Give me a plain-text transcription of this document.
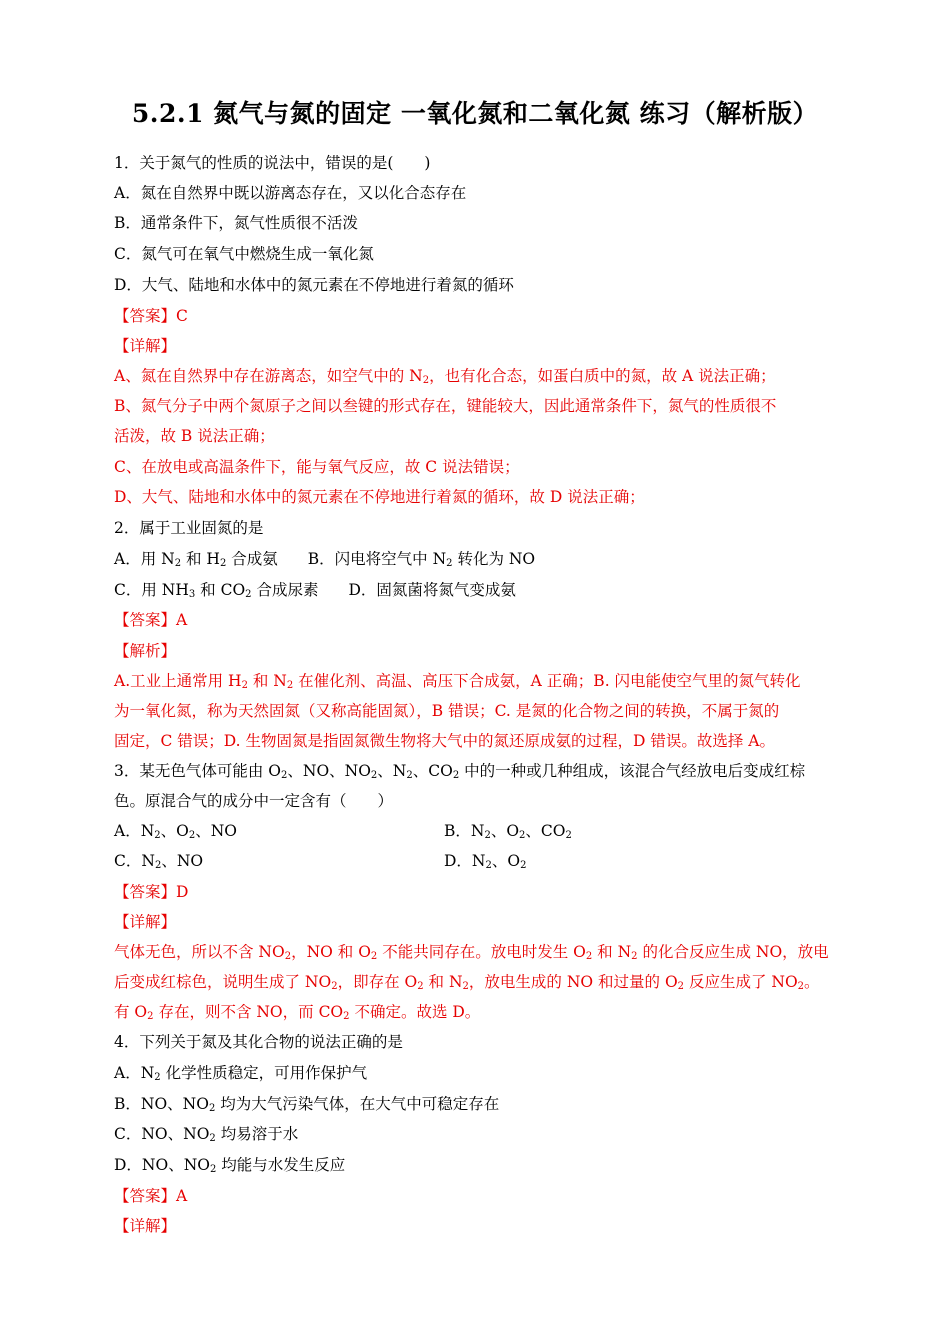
5.2.1 氮气与氮的固定 一氧化氮和二氧化氮 练习（解析版）
1．关于氮气的性质的说法中，错误的是(　　)
A．氮在自然界中既以游离态存在，又以化合态存在
B．通常条件下，氮气性质很不活泼
C．氮气可在氧气中燃烧生成一氧化氮
D．大气、陆地和水体中的氮元素在不停地进行着氮的循环
【答案】C
【详解】
A、氮在自然界中存在游离态，如空气中的 $N_2$，也有化合态，如蛋白质中的氮，故 A 说法正确；
B、氮气分子中两个氮原子之间以叁键的形式存在，键能较大，因此通常条件下，氮气的性质很不
活泼，故 B 说法正确；
C、在放电或高温条件下，能与氧气反应，故 C 说法错误；
D、大气、陆地和水体中的氮元素在不停地进行着氮的循环，故 D 说法正确；
2．属于工业固氮的是
A．用 $N_2$ 和 $H_2$ 合成氨 B．闪电将空气中 $N_2$ 转化为 NO
C．用 $NH_3$ 和 $CO_2$ 合成尿素 D．固氮菌将氮气变成氨
【答案】A
【解析】
A.工业上通常用 $H_2$ 和 $N_2$ 在催化剂、高温、高压下合成氨，A 正确；B. 闪电能使空气里的氮气转化
为一氧化氮，称为天然固氮（又称高能固氮），B 错误；C. 是氮的化合物之间的转换，不属于氮的
固定，C 错误；D. 生物固氮是指固氮微生物将大气中的氮还原成氨的过程，D 错误。故选择 A。
3．某无色气体可能由 $O_2$、NO、$NO_2$、$N_2$、$CO_2$ 中的一种或几种组成，该混合气经放电后变成红棕
色。原混合气的成分中一定含有（　　）
A．$N_2$、$O_2$、NO	B．$N_2$、$O_2$、$CO_2$
C．$N_2$、NO	D．$N_2$、$O_2$
【答案】D
【详解】
气体无色，所以不含 $NO_2$，NO 和 $O_2$ 不能共同存在。放电时发生 $O_2$ 和 $N_2$ 的化合反应生成 NO，放电
后变成红棕色，说明生成了 $NO_2$，即存在 $O_2$ 和 $N_2$，放电生成的 NO 和过量的 $O_2$ 反应生成了 $NO_2$。
有 $O_2$ 存在，则不含 NO，而 $CO_2$ 不确定。故选 D。
4．下列关于氮及其化合物的说法正确的是
A．$N_2$ 化学性质稳定，可用作保护气
B．NO、$NO_2$ 均为大气污染气体，在大气中可稳定存在
C．NO、$NO_2$ 均易溶于水
D．NO、$NO_2$ 均能与水发生反应
【答案】A
【详解】
